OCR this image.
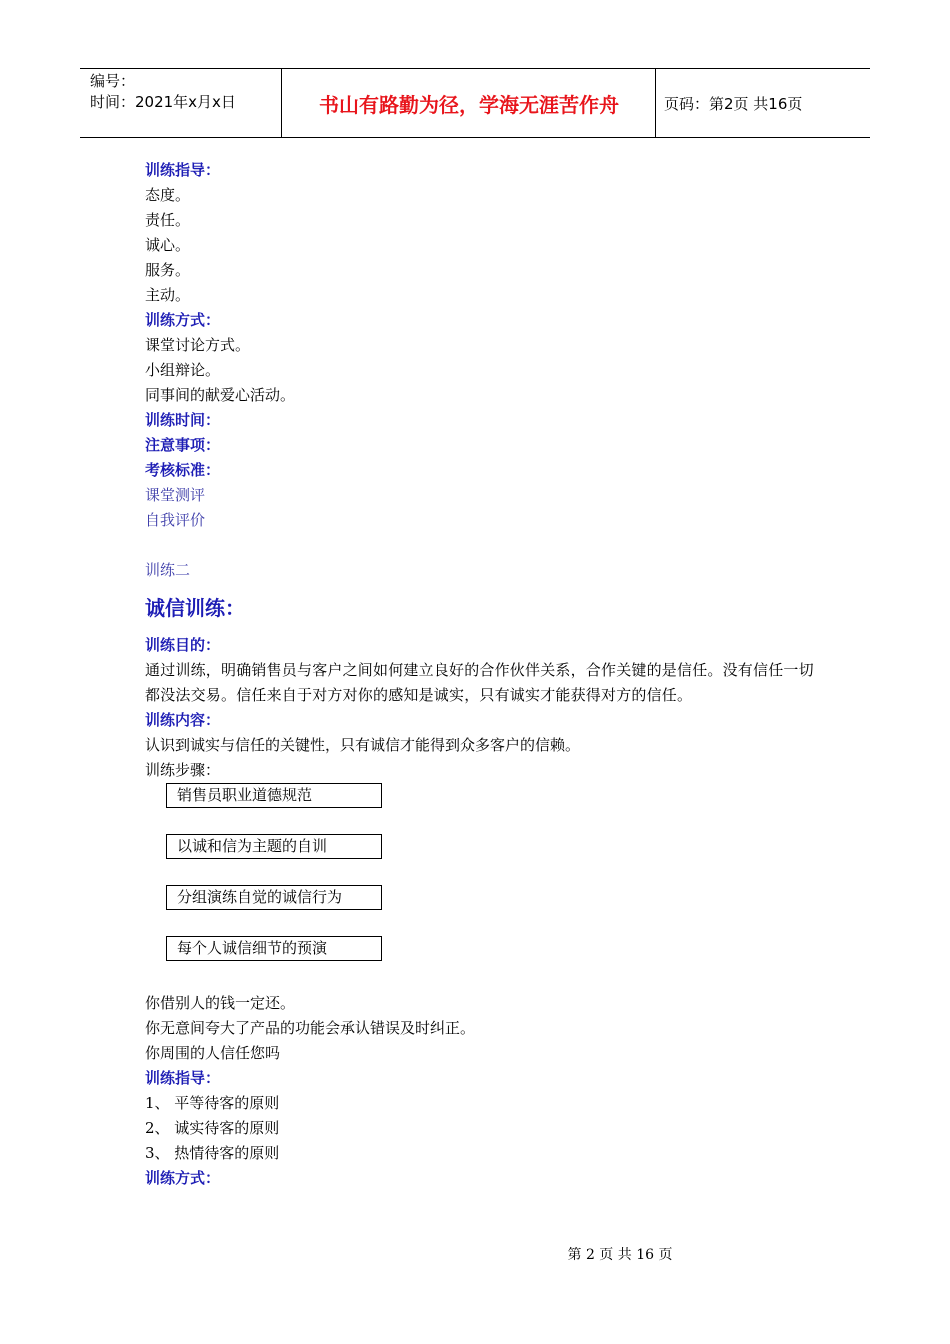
编号：
时间：2021年x月x日	书山有路勤为径，学海无涯苦作舟	页码：第2页 共16页
训练指导：
态度。
责任。
诚心。
服务。
主动。
训练方式：
课堂讨论方式。
小组辩论。
同事间的献爱心活动。
训练时间：
注意事项：
考核标准：
课堂测评
自我评价
训练二
诚信训练：
训练目的：
通过训练，明确销售员与客户之间如何建立良好的合作伙伴关系，合作关键的是信任。没有信任一切都没法交易。信任来自于对方对你的感知是诚实，只有诚实才能获得对方的信任。
训练内容：
认识到诚实与信任的关键性，只有诚信才能得到众多客户的信赖。
训练步骤：
销售员职业道德规范
以诚和信为主题的自训
分组演练自觉的诚信行为
每个人诚信细节的预演
你借别人的钱一定还。
你无意间夸大了产品的功能会承认错误及时纠正。
你周围的人信任您吗
训练指导：
1、 平等待客的原则
2、 诚实待客的原则
3、 热情待客的原则
训练方式：
第 2 页 共 16 页
